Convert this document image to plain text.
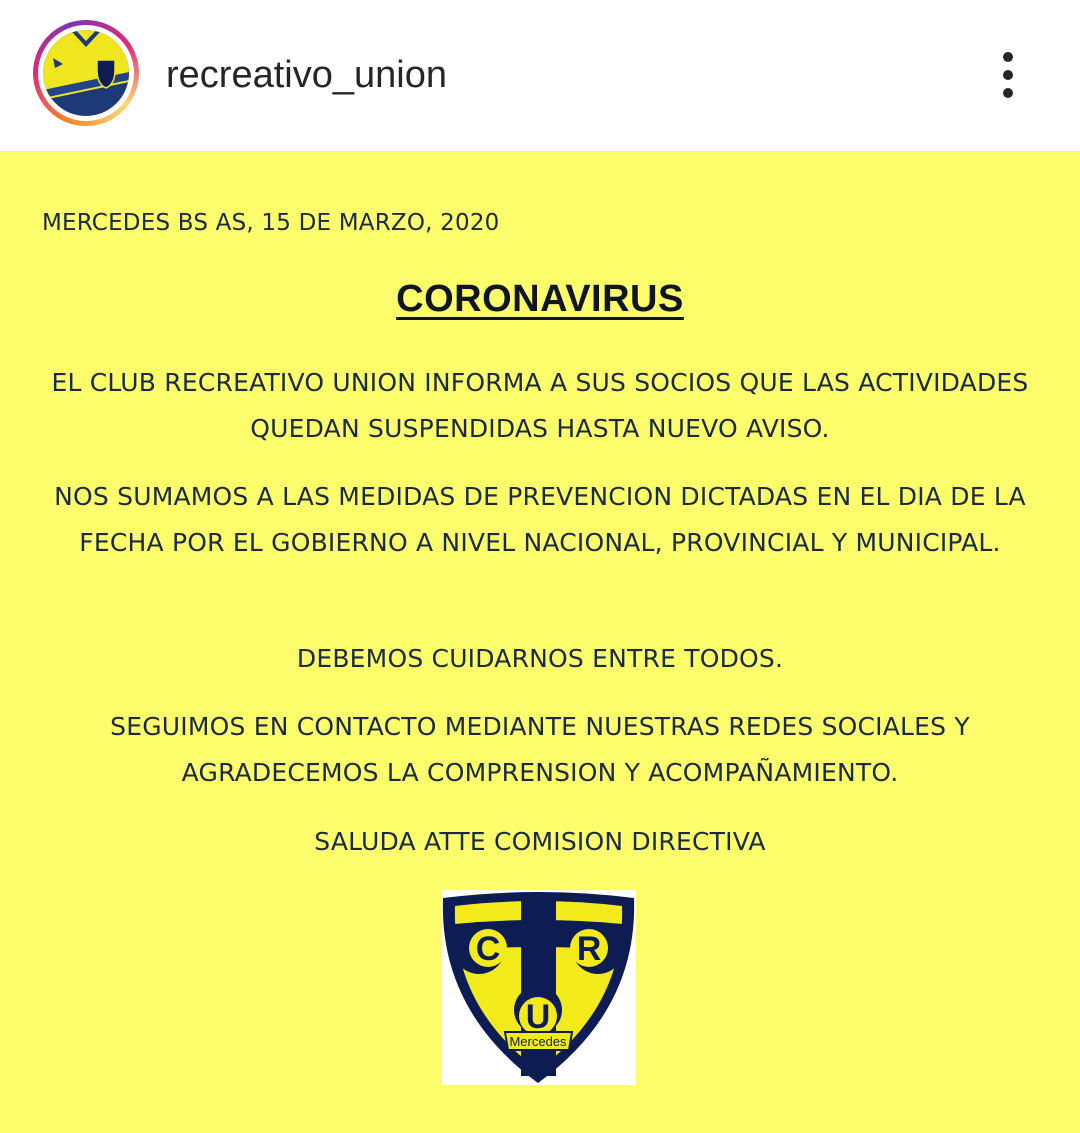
recreativo_union
MERCEDES BS AS, 15 DE MARZO, 2020
CORONAVIRUS
EL CLUB RECREATIVO UNION INFORMA A SUS SOCIOS QUE LAS ACTIVIDADES QUEDAN SUSPENDIDAS HASTA NUEVO AVISO.
NOS SUMAMOS A LAS MEDIDAS DE PREVENCION DICTADAS EN EL DIA DE LA FECHA POR EL GOBIERNO A NIVEL NACIONAL, PROVINCIAL Y MUNICIPAL.
DEBEMOS CUIDARNOS ENTRE TODOS.
SEGUIMOS EN CONTACTO MEDIANTE NUESTRAS REDES SOCIALES Y AGRADECEMOS LA COMPRENSION Y ACOMPAÑAMIENTO.
SALUDA ATTE COMISION DIRECTIVA
C R
U
Mercedes
